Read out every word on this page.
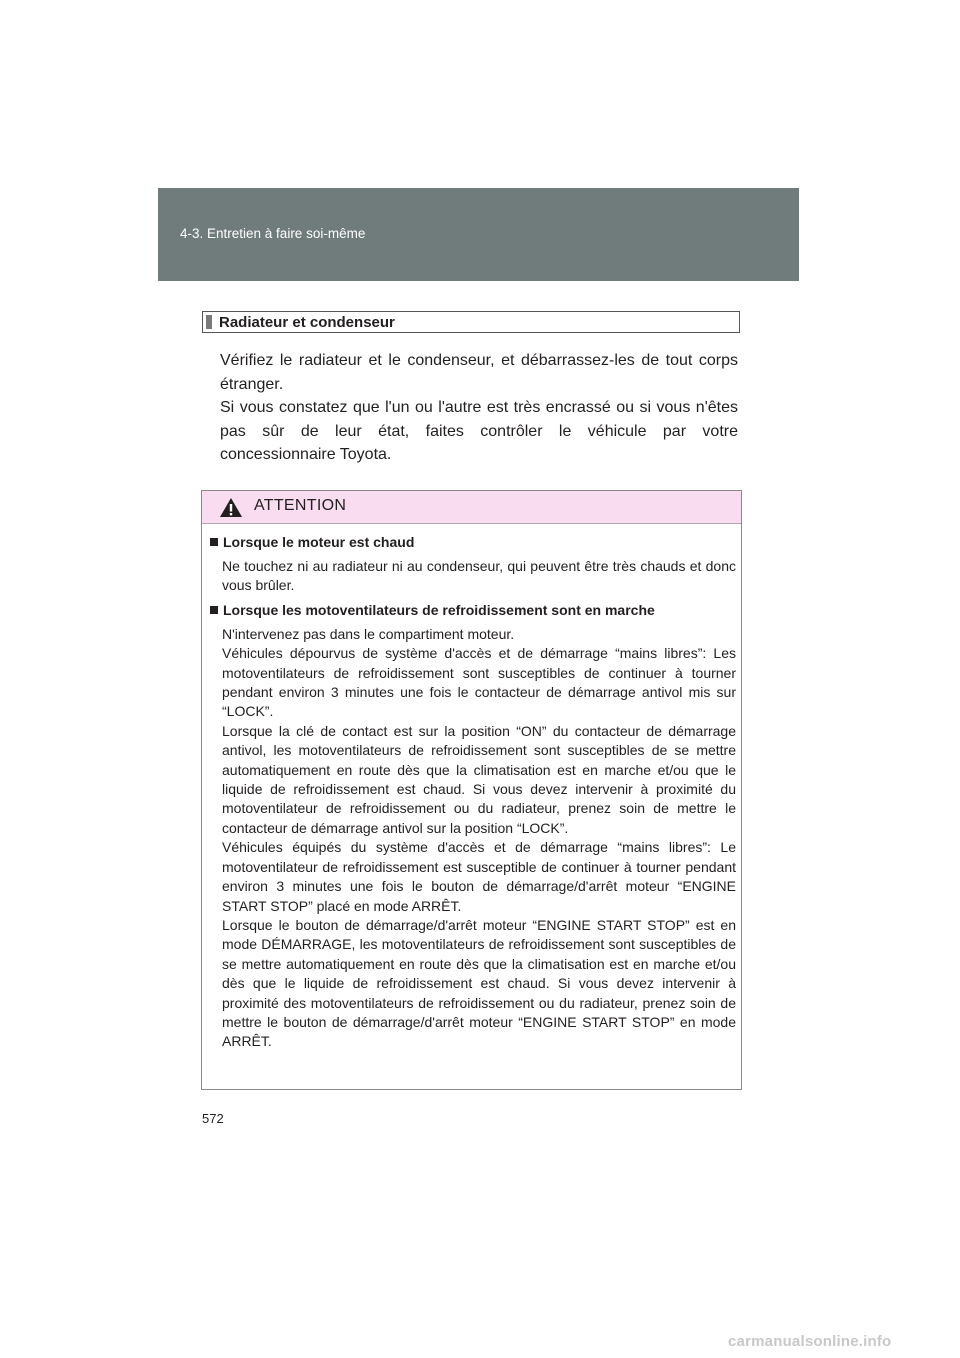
4-3. Entretien à faire soi-même
Radiateur et condenseur

Vérifiez le radiateur et le condenseur, et débarrassez-les de tout corps étranger.

Si vous constatez que l'un ou l'autre est très encrassé ou si vous n'êtes pas sûr de leur état, faites contrôler le véhicule par votre concessionnaire Toyota.

ATTENTION
Lorsque le moteur est chaud

Ne touchez ni au radiateur ni au condenseur, qui peuvent être très chauds et donc vous brûler.

Lorsque les motoventilateurs de refroidissement sont en marche

N'intervenez pas dans le compartiment moteur.
Véhicules dépourvus de système d'accès et de démarrage “mains libres”: Les motoventilateurs de refroidissement sont susceptibles de continuer à tourner pendant environ 3 minutes une fois le contacteur de démarrage antivol mis sur “LOCK”.
Lorsque la clé de contact est sur la position “ON” du contacteur de démarrage antivol, les motoventilateurs de refroidissement sont susceptibles de se mettre automatiquement en route dès que la climatisation est en marche et/ou que le liquide de refroidissement est chaud. Si vous devez intervenir à proximité du motoventilateur de refroidissement ou du radiateur, prenez soin de mettre le contacteur de démarrage antivol sur la position “LOCK”.
Véhicules équipés du système d'accès et de démarrage “mains libres”: Le motoventilateur de refroidissement est susceptible de continuer à tourner pendant environ 3 minutes une fois le bouton de démarrage/d'arrêt moteur “ENGINE START STOP” placé en mode ARRÊT.
Lorsque le bouton de démarrage/d'arrêt moteur “ENGINE START STOP” est en mode DÉMARRAGE, les motoventilateurs de refroidissement sont susceptibles de se mettre automatiquement en route dès que la climatisation est en marche et/ou dès que le liquide de refroidissement est chaud. Si vous devez intervenir à proximité des motoventilateurs de refroidissement ou du radiateur, prenez soin de mettre le bouton de démarrage/d'arrêt moteur “ENGINE START STOP” en mode ARRÊT.

572
carmanualsonline.info
